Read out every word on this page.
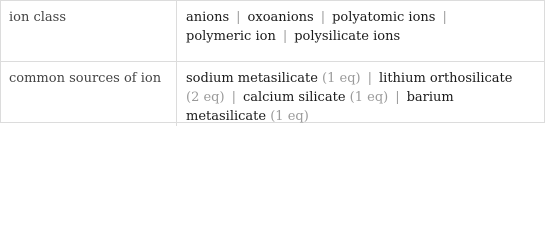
ion class	anions | oxoanions | polyatomic ions |
polymeric ion | polysilicate ions
common sources of ion	sodium metasilicate (1 eq) | lithium orthosilicate
(2 eq) | calcium silicate (1 eq) | barium metasilicate (1 eq)
